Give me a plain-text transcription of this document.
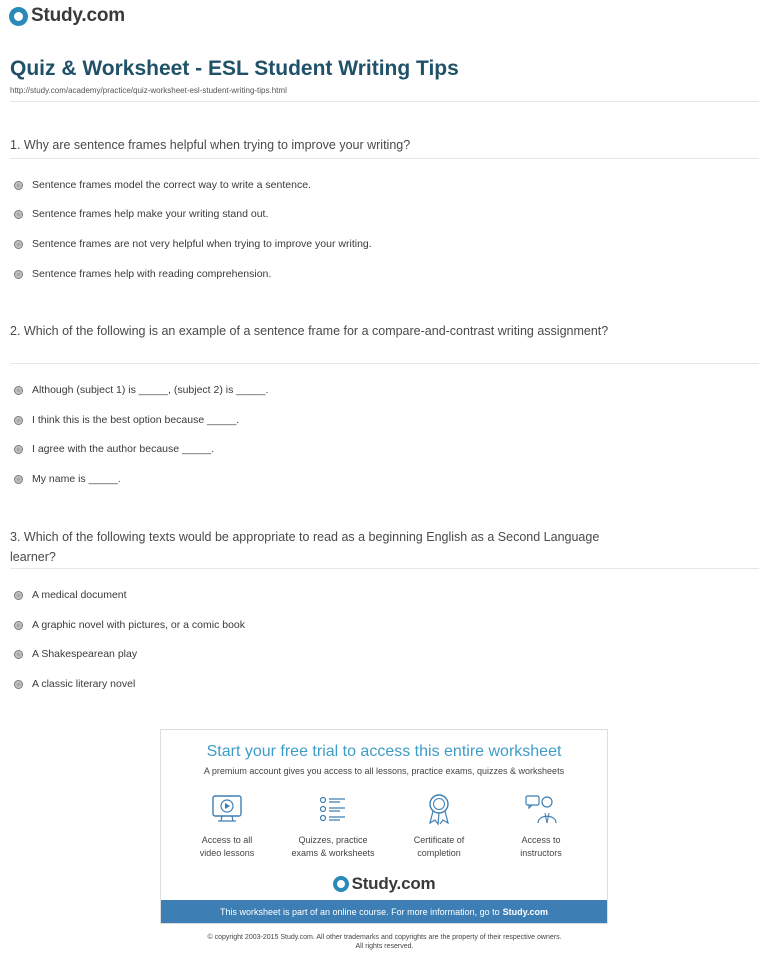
Study.com
Quiz & Worksheet - ESL Student Writing Tips
http://study.com/academy/practice/quiz-worksheet-esl-student-writing-tips.html
1. Why are sentence frames helpful when trying to improve your writing?
Sentence frames model the correct way to write a sentence.
Sentence frames help make your writing stand out.
Sentence frames are not very helpful when trying to improve your writing.
Sentence frames help with reading comprehension.
2. Which of the following is an example of a sentence frame for a compare-and-contrast writing assignment?
Although (subject 1) is _____, (subject 2) is _____.
I think this is the best option because _____.
I agree with the author because _____.
My name is _____.
3. Which of the following texts would be appropriate to read as a beginning English as a Second Language learner?
A medical document
A graphic novel with pictures, or a comic book
A Shakespearean play
A classic literary novel
Start your free trial to access this entire worksheet
A premium account gives you access to all lessons, practice exams, quizzes & worksheets
Access to all
video lessons
Quizzes, practice
exams & worksheets
Certificate of
completion
Access to
instructors
Study.com
This worksheet is part of an online course. For more information, go to Study.com
© copyright 2003-2015 Study.com. All other trademarks and copyrights are the property of their respective owners.
All rights reserved.
